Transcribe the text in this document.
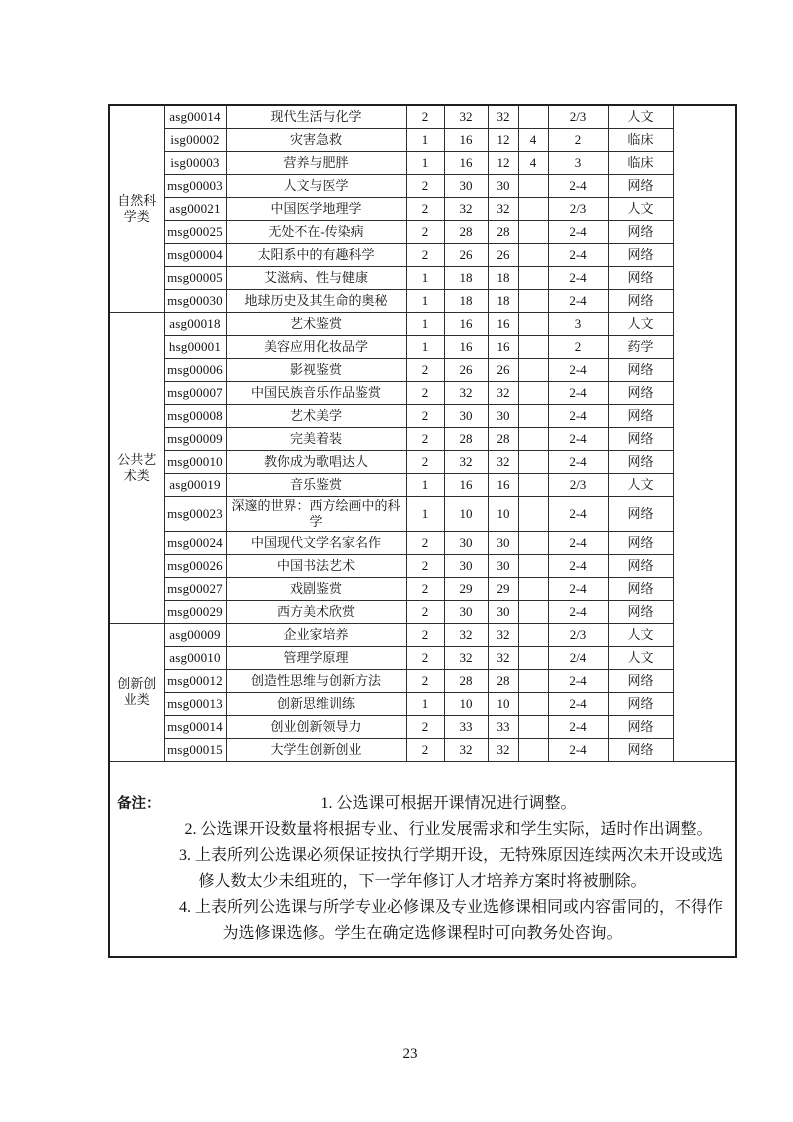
自然科学类	asg00014	现代生活与化学	2	32	32		2/3	人文	
	isg00002	灾害急救	1	16	12	4	2	临床	
	isg00003	营养与肥胖	1	16	12	4	3	临床	
	msg00003	人文与医学	2	30	30		2-4	网络	
	asg00021	中国医学地理学	2	32	32		2/3	人文	
	msg00025	无处不在-传染病	2	28	28		2-4	网络	
	msg00004	太阳系中的有趣科学	2	26	26		2-4	网络	
	msg00005	艾滋病、性与健康	1	18	18		2-4	网络	
	msg00030	地球历史及其生命的奥秘	1	18	18		2-4	网络	
公共艺术类	asg00018	艺术鉴赏	1	16	16		3	人文	
	hsg00001	美容应用化妆品学	1	16	16		2	药学	
	msg00006	影视鉴赏	2	26	26		2-4	网络	
	msg00007	中国民族音乐作品鉴赏	2	32	32		2-4	网络	
	msg00008	艺术美学	2	30	30		2-4	网络	
	msg00009	完美着装	2	28	28		2-4	网络	
	msg00010	教你成为歌唱达人	2	32	32		2-4	网络	
	asg00019	音乐鉴赏	1	16	16		2/3	人文	
	msg00023	深邃的世界：西方绘画中的科学	1	10	10		2-4	网络	
	msg00024	中国现代文学名家名作	2	30	30		2-4	网络	
	msg00026	中国书法艺术	2	30	30		2-4	网络	
	msg00027	戏剧鉴赏	2	29	29		2-4	网络	
	msg00029	西方美术欣赏	2	30	30		2-4	网络	
创新创业类	asg00009	企业家培养	2	32	32		2/3	人文	
	asg00010	管理学原理	2	32	32		2/4	人文	
	msg00012	创造性思维与创新方法	2	28	28		2-4	网络	
	msg00013	创新思维训练	1	10	10		2-4	网络	
	msg00014	创业创新领导力	2	33	33		2-4	网络	
	msg00015	大学生创新创业	2	32	32		2-4	网络	

备注： 1. 公选课可根据开课情况进行调整。

2. 公选课开设数量将根据专业、行业发展需求和学生实际，适时作出调整。

3. 上表所列公选课必须保证按执行学期开设，无特殊原因连续两次未开设或选修人数太少未组班的，下一学年修订人才培养方案时将被删除。

4. 上表所列公选课与所学专业必修课及专业选修课相同或内容雷同的，不得作为选修课选修。学生在确定选修课程时可向教务处咨询。									

23
